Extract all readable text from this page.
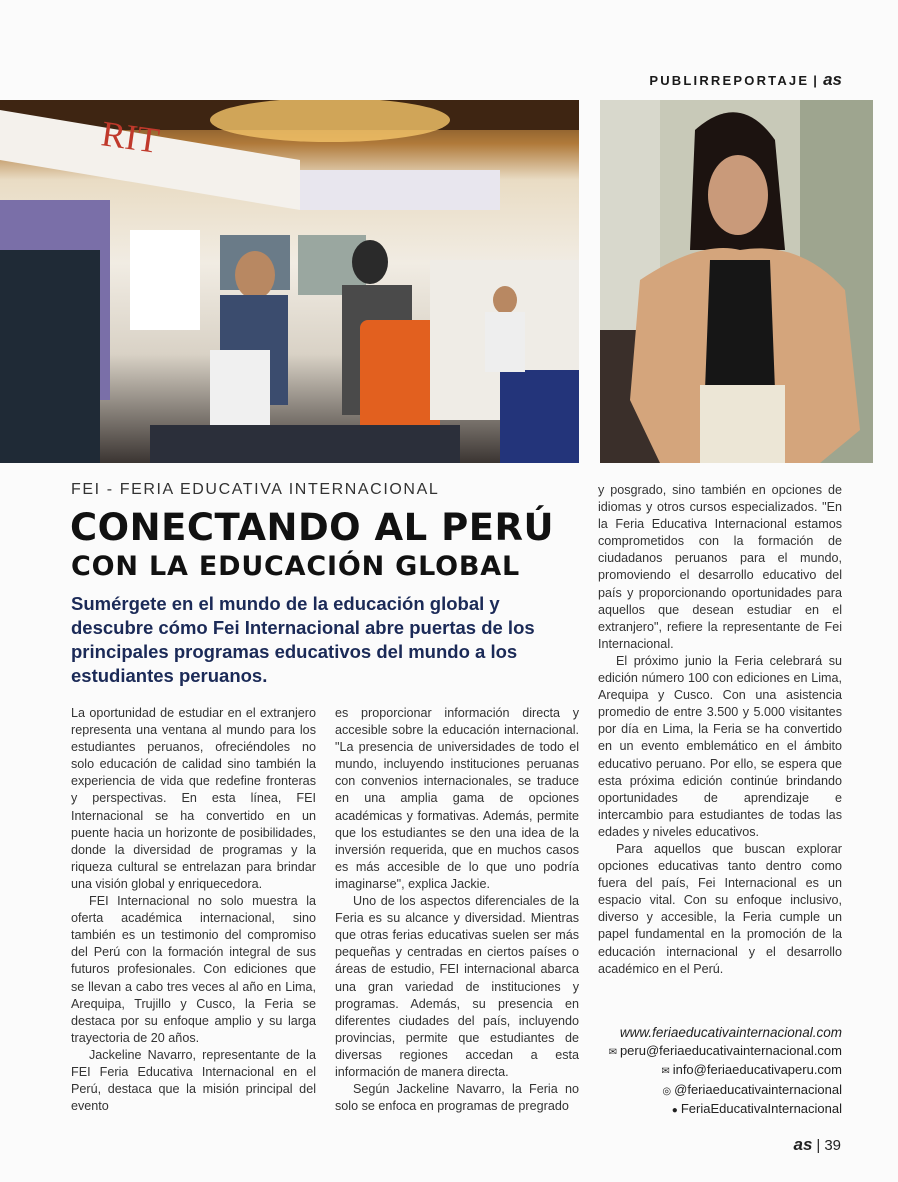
PUBLIRREPORTAJE | as
RIT
FEI - FERIA EDUCATIVA INTERNACIONAL
CONECTANDO AL PERÚ
CON LA EDUCACIÓN GLOBAL
Sumérgete en el mundo de la educación global y descubre cómo Fei Internacional abre puertas de los principales programas educativos del mundo a los estudiantes peruanos.

La oportunidad de estudiar en el extranjero representa una ventana al mundo para los estudiantes peruanos, ofreciéndoles no solo educación de calidad sino también la experiencia de vida que redefine fronteras y perspectivas. En esta línea, FEI Internacional se ha convertido en un puente hacia un horizonte de posibilidades, donde la diversidad de programas y la riqueza cultural se entrelazan para brindar una visión global y enriquecedora.

FEI Internacional no solo muestra la oferta académica internacional, sino también es un testimonio del compromiso del Perú con la formación integral de sus futuros profesionales. Con ediciones que se llevan a cabo tres veces al año en Lima, Arequipa, Trujillo y Cusco, la Feria se destaca por su enfoque amplio y su larga trayectoria de 20 años.

Jackeline Navarro, representante de la FEI Feria Educativa Internacional en el Perú, destaca que la misión principal del evento

es proporcionar información directa y accesible sobre la educación internacional. "La presencia de universidades de todo el mundo, incluyendo instituciones peruanas con convenios internacionales, se traduce en una amplia gama de opciones académicas y formativas. Además, permite que los estudiantes se den una idea de la inversión requerida, que en muchos casos es más accesible de lo que uno podría imaginarse", explica Jackie.

Uno de los aspectos diferenciales de la Feria es su alcance y diversidad. Mientras que otras ferias educativas suelen ser más pequeñas y centradas en ciertos países o áreas de estudio, FEI internacional abarca una gran variedad de instituciones y programas. Además, su presencia en diferentes ciudades del país, incluyendo provincias, permite que estudiantes de diversas regiones accedan a esta información de manera directa.

Según Jackeline Navarro, la Feria no solo se enfoca en programas de pregrado

y posgrado, sino también en opciones de idiomas y otros cursos especializados. "En la Feria Educativa Internacional estamos comprometidos con la formación de ciudadanos peruanos para el mundo, promoviendo el desarrollo educativo del país y proporcionando oportunidades para aquellos que desean estudiar en el extranjero", refiere la representante de Fei Internacional.

El próximo junio la Feria celebrará su edición número 100 con ediciones en Lima, Arequipa y Cusco. Con una asistencia promedio de entre 3.500 y 5.000 visitantes por día en Lima, la Feria se ha convertido en un evento emblemático en el ámbito educativo peruano. Por ello, se espera que esta próxima edición continúe brindando oportunidades de aprendizaje e intercambio para estudiantes de todas las edades y niveles educativos.

Para aquellos que buscan explorar opciones educativas tanto dentro como fuera del país, Fei Internacional es un espacio vital. Con su enfoque inclusivo, diverso y accesible, la Feria cumple un papel fundamental en la promoción de la educación internacional y el desarrollo académico en el Perú.

www.feriaeducativainternacional.com
✉ peru@feriaeducativainternacional.com
✉ info@feriaeducativaperu.com
◎ @feriaeducativainternacional
● FeriaEducativaInternacional
as | 39
